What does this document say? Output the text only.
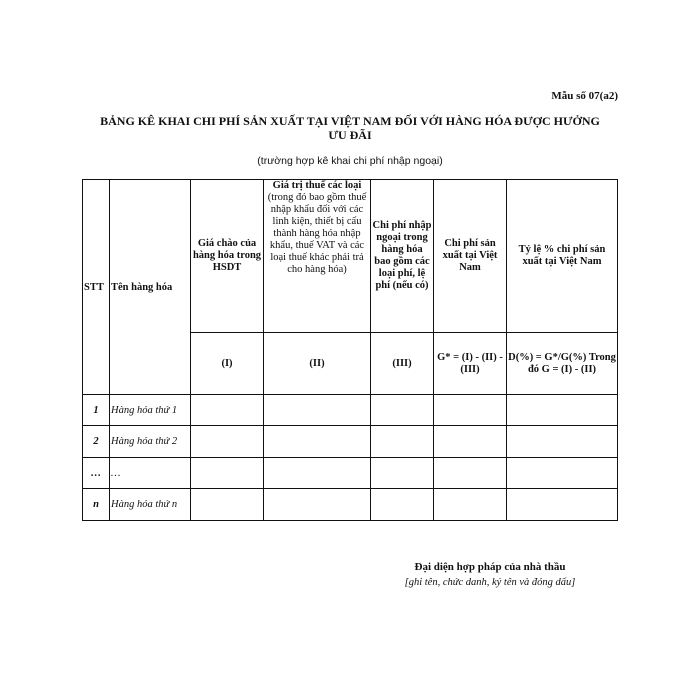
Mẫu số 07(a2)
BẢNG KÊ KHAI CHI PHÍ SẢN XUẤT TẠI VIỆT NAM ĐỐI VỚI HÀNG HÓA ĐƯỢC HƯỞNG
ƯU ĐÃI
(trường hợp kê khai chi phí nhập ngoại)
STT	Tên hàng hóa	Giá chào của hàng hóa trong HSDT	Giá trị thuế các loại
(trong đó bao gồm thuế nhập khẩu đối với các linh kiện, thiết bị cấu thành hàng hóa nhập khẩu, thuế VAT và các loại thuế khác phải trả cho hàng hóa)	Chi phí nhập ngoại trong hàng hóa bao gồm các loại phí, lệ phí (nếu có)	Chi phí sản xuất tại Việt Nam	Tỷ lệ % chi phí sản xuất tại Việt Nam
		(I)	(II)	(III)	G* = (I) - (II) - (III)	D(%) = G*/G(%) Trong đó G = (I) - (II)
1	Hàng hóa thứ 1					
2	Hàng hóa thứ 2					
…	…					
n	Hàng hóa thứ n					
Đại diện hợp pháp của nhà thầu
[ghi tên, chức danh, ký tên và đóng dấu]
